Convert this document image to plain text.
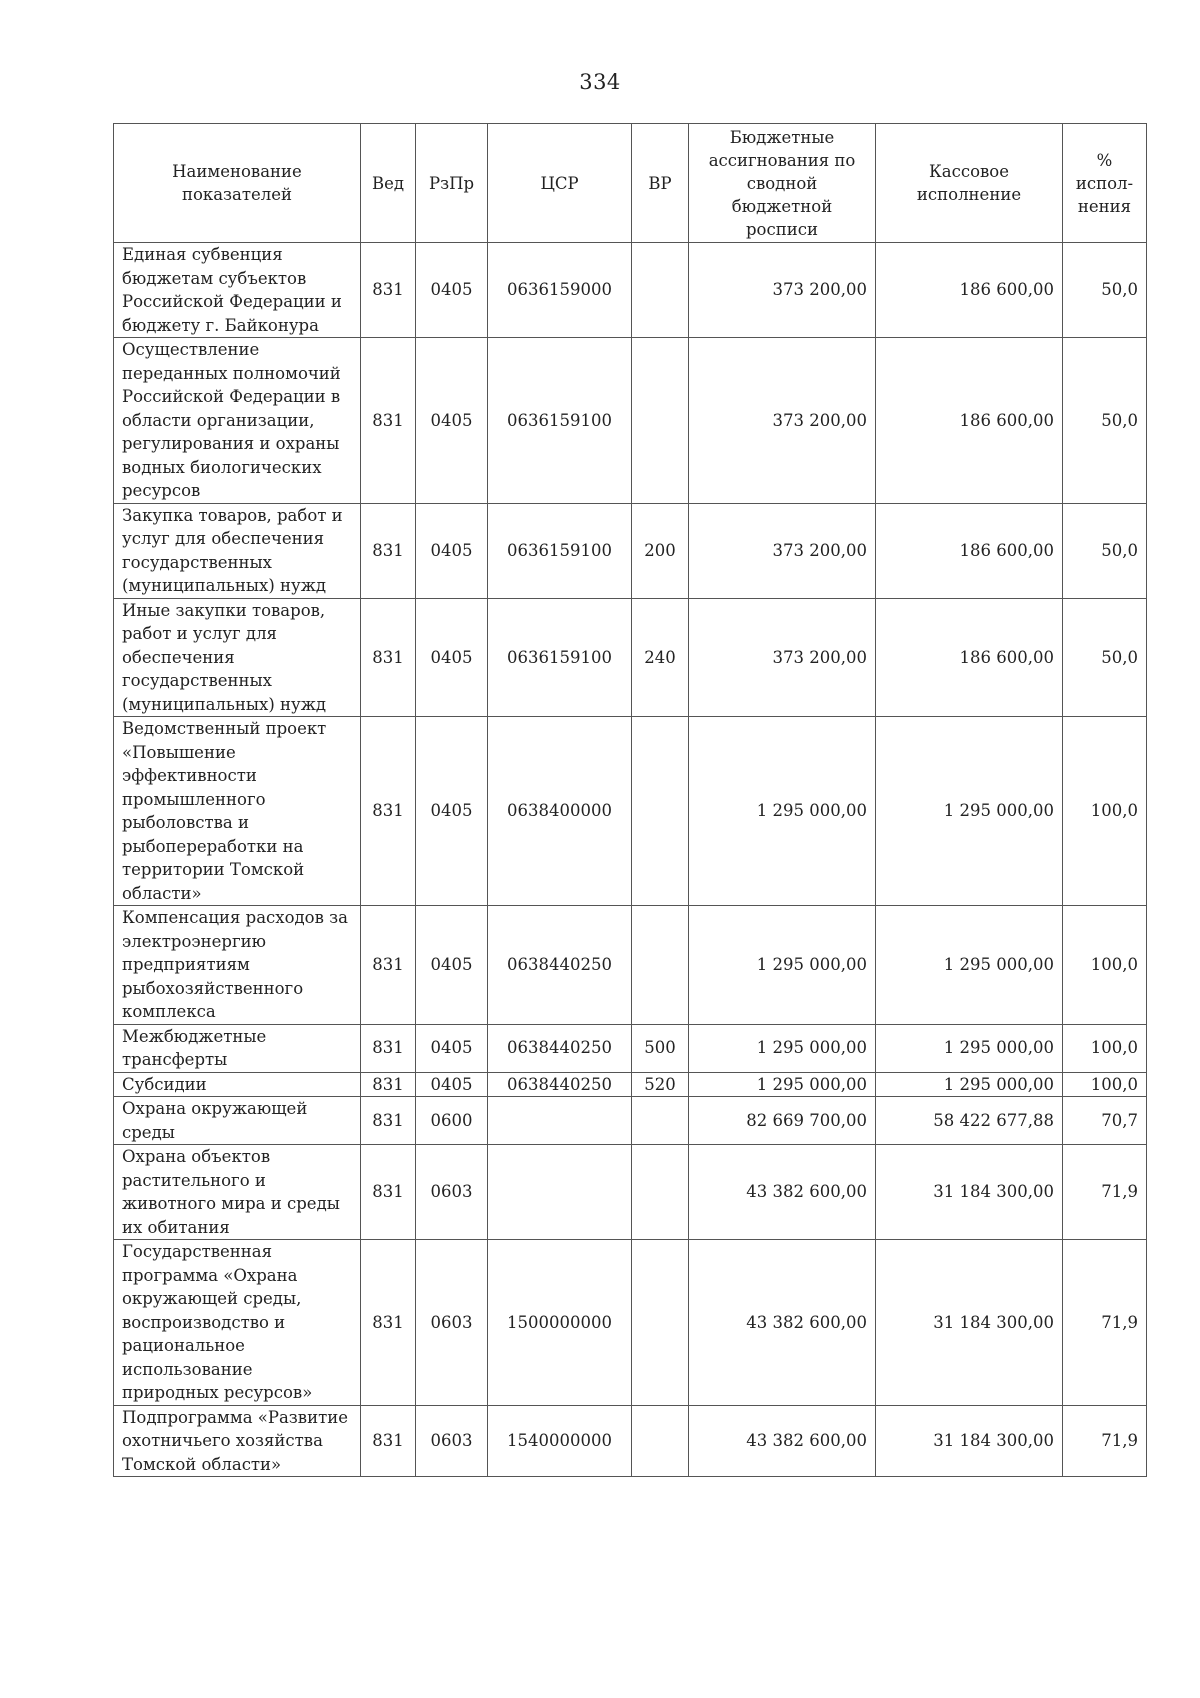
334
Наименование показателей	Вед	РзПр	ЦСР	ВР	Бюджетные ассигнования по сводной бюджетной росписи	Кассовое исполнение	% испол-нения
Единая субвенция бюджетам субъектов Российской Федерации и бюджету г. Байконура	831	0405	0636159000		373 200,00	186 600,00	50,0
Осуществление переданных полномочий Российской Федерации в области организации, регулирования и охраны водных биологических ресурсов	831	0405	0636159100		373 200,00	186 600,00	50,0
Закупка товаров, работ и услуг для обеспечения государственных (муниципальных) нужд	831	0405	0636159100	200	373 200,00	186 600,00	50,0
Иные закупки товаров, работ и услуг для обеспечения государственных (муниципальных) нужд	831	0405	0636159100	240	373 200,00	186 600,00	50,0
Ведомственный проект «Повышение эффективности промышленного рыболовства и рыбопереработки на территории Томской области»	831	0405	0638400000		1 295 000,00	1 295 000,00	100,0
Компенсация расходов за электроэнергию предприятиям рыбохозяйственного комплекса	831	0405	0638440250		1 295 000,00	1 295 000,00	100,0
Межбюджетные трансферты	831	0405	0638440250	500	1 295 000,00	1 295 000,00	100,0
Субсидии	831	0405	0638440250	520	1 295 000,00	1 295 000,00	100,0
Охрана окружающей среды	831	0600			82 669 700,00	58 422 677,88	70,7
Охрана объектов растительного и животного мира и среды их обитания	831	0603			43 382 600,00	31 184 300,00	71,9
Государственная программа «Охрана окружающей среды, воспроизводство и рациональное использование природных ресурсов»	831	0603	1500000000		43 382 600,00	31 184 300,00	71,9
Подпрограмма «Развитие охотничьего хозяйства Томской области»	831	0603	1540000000		43 382 600,00	31 184 300,00	71,9
